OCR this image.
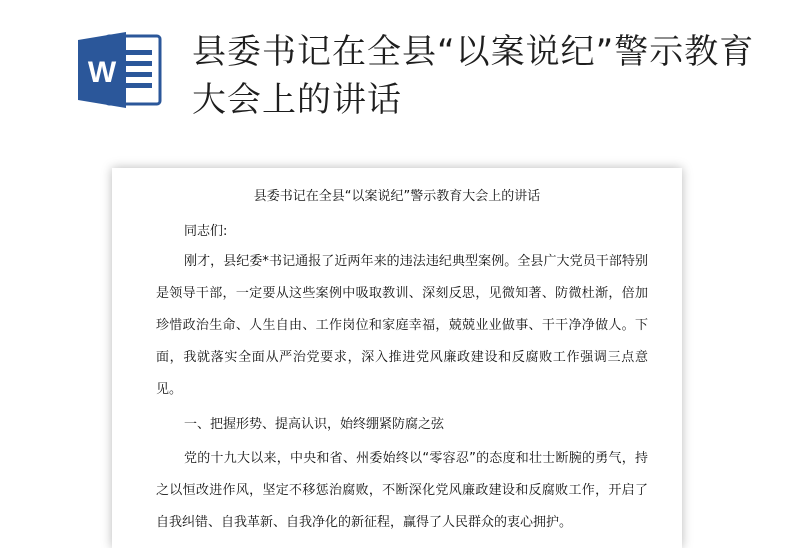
W
县委书记在全县“以案说纪”警示教育大会上的讲话
县委书记在全县“以案说纪”警示教育大会上的讲话
同志们:

刚才，县纪委*书记通报了近两年来的违法违纪典型案例。全县广大党员干部特别是领导干部，一定要从这些案例中吸取教训、深刻反思，见微知著、防微杜渐，倍加珍惜政治生命、人生自由、工作岗位和家庭幸福，兢兢业业做事、干干净净做人。下面，我就落实全面从严治党要求，深入推进党风廉政建设和反腐败工作强调三点意见。

一、把握形势、提高认识，始终绷紧防腐之弦

党的十九大以来，中央和省、州委始终以“零容忍”的态度和壮士断腕的勇气，持之以恒改进作风，坚定不移惩治腐败，不断深化党风廉政建设和反腐败工作，开启了自我纠错、自我革新、自我净化的新征程，赢得了人民群众的衷心拥护。
